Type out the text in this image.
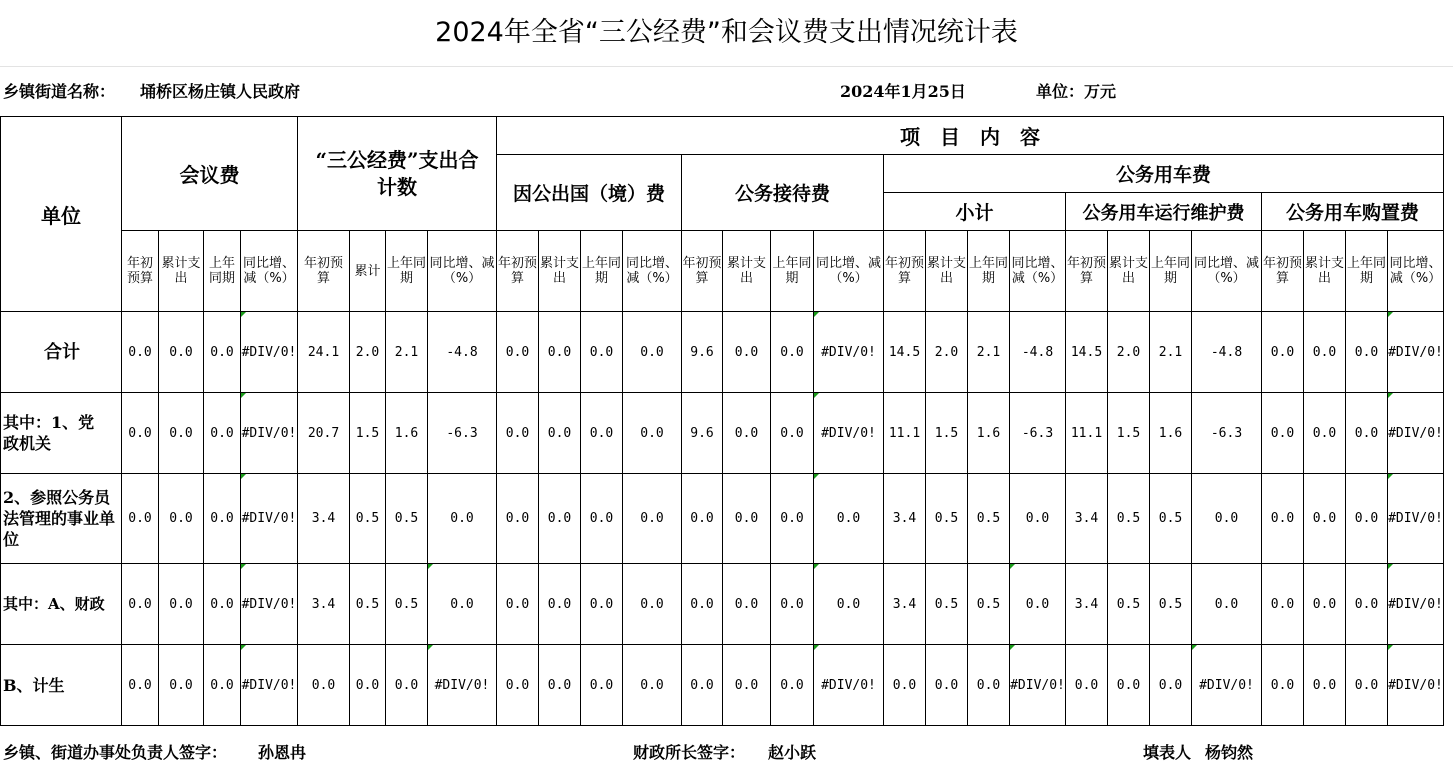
2024年全省“三公经费”和会议费支出情况统计表
乡镇街道名称： 埇桥区杨庄镇人民政府	2024年1月25日	单位：万元
单位	会议费				“三公经费”支出合计数				项　目　内　容																			
									因公出国（境）费				公务接待费				公务用车费											
																	小计				公务用车运行维护费				公务用车购置费			
	年初预算	累计支出	上年同期	同比增、减（%）	年初预算	累计	上年同期	同比增、减（%）	年初预算	累计支出	上年同期	同比增、减（%）	年初预算	累计支出	上年同期	同比增、减（%）	年初预算	累计支出	上年同期	同比增、减（%）	年初预算	累计支出	上年同期	同比增、减（%）	年初预算	累计支出	上年同期	同比增、减（%）
合计	0.0	0.0	0.0	#DIV/0!	24.1	2.0	2.1	-4.8	0.0	0.0	0.0	0.0	9.6	0.0	0.0	#DIV/0!	14.5	2.0	2.1	-4.8	14.5	2.0	2.1	-4.8	0.0	0.0	0.0	#DIV/0!

其中：1、党政机关	0.0	0.0	0.0	#DIV/0!	20.7	1.5	1.6	-6.3	0.0	0.0	0.0	0.0	9.6	0.0	0.0	#DIV/0!	11.1	1.5	1.6	-6.3	11.1	1.5	1.6	-6.3	0.0	0.0	0.0	#DIV/0!

2、参照公务员法管理的事业单位	0.0	0.0	0.0	#DIV/0!	3.4	0.5	0.5	0.0	0.0	0.0	0.0	0.0	0.0	0.0	0.0	0.0	3.4	0.5	0.5	0.0	3.4	0.5	0.5	0.0	0.0	0.0	0.0	#DIV/0!
其中：A、财政	0.0	0.0	0.0	#DIV/0!	3.4	0.5	0.5	0.0	0.0	0.0	0.0	0.0	0.0	0.0	0.0	0.0	3.4	0.5	0.5	0.0	3.4	0.5	0.5	0.0	0.0	0.0	0.0	#DIV/0!
B、计生	0.0	0.0	0.0	#DIV/0!	0.0	0.0	0.0	#DIV/0!	0.0	0.0	0.0	0.0	0.0	0.0	0.0	#DIV/0!	0.0	0.0	0.0	#DIV/0!	0.0	0.0	0.0	#DIV/0!	0.0	0.0	0.0	#DIV/0!
乡镇、街道办事处负责人签字： 孙恩冉	财政所长签字： 赵小跃	填表人 杨钧然
